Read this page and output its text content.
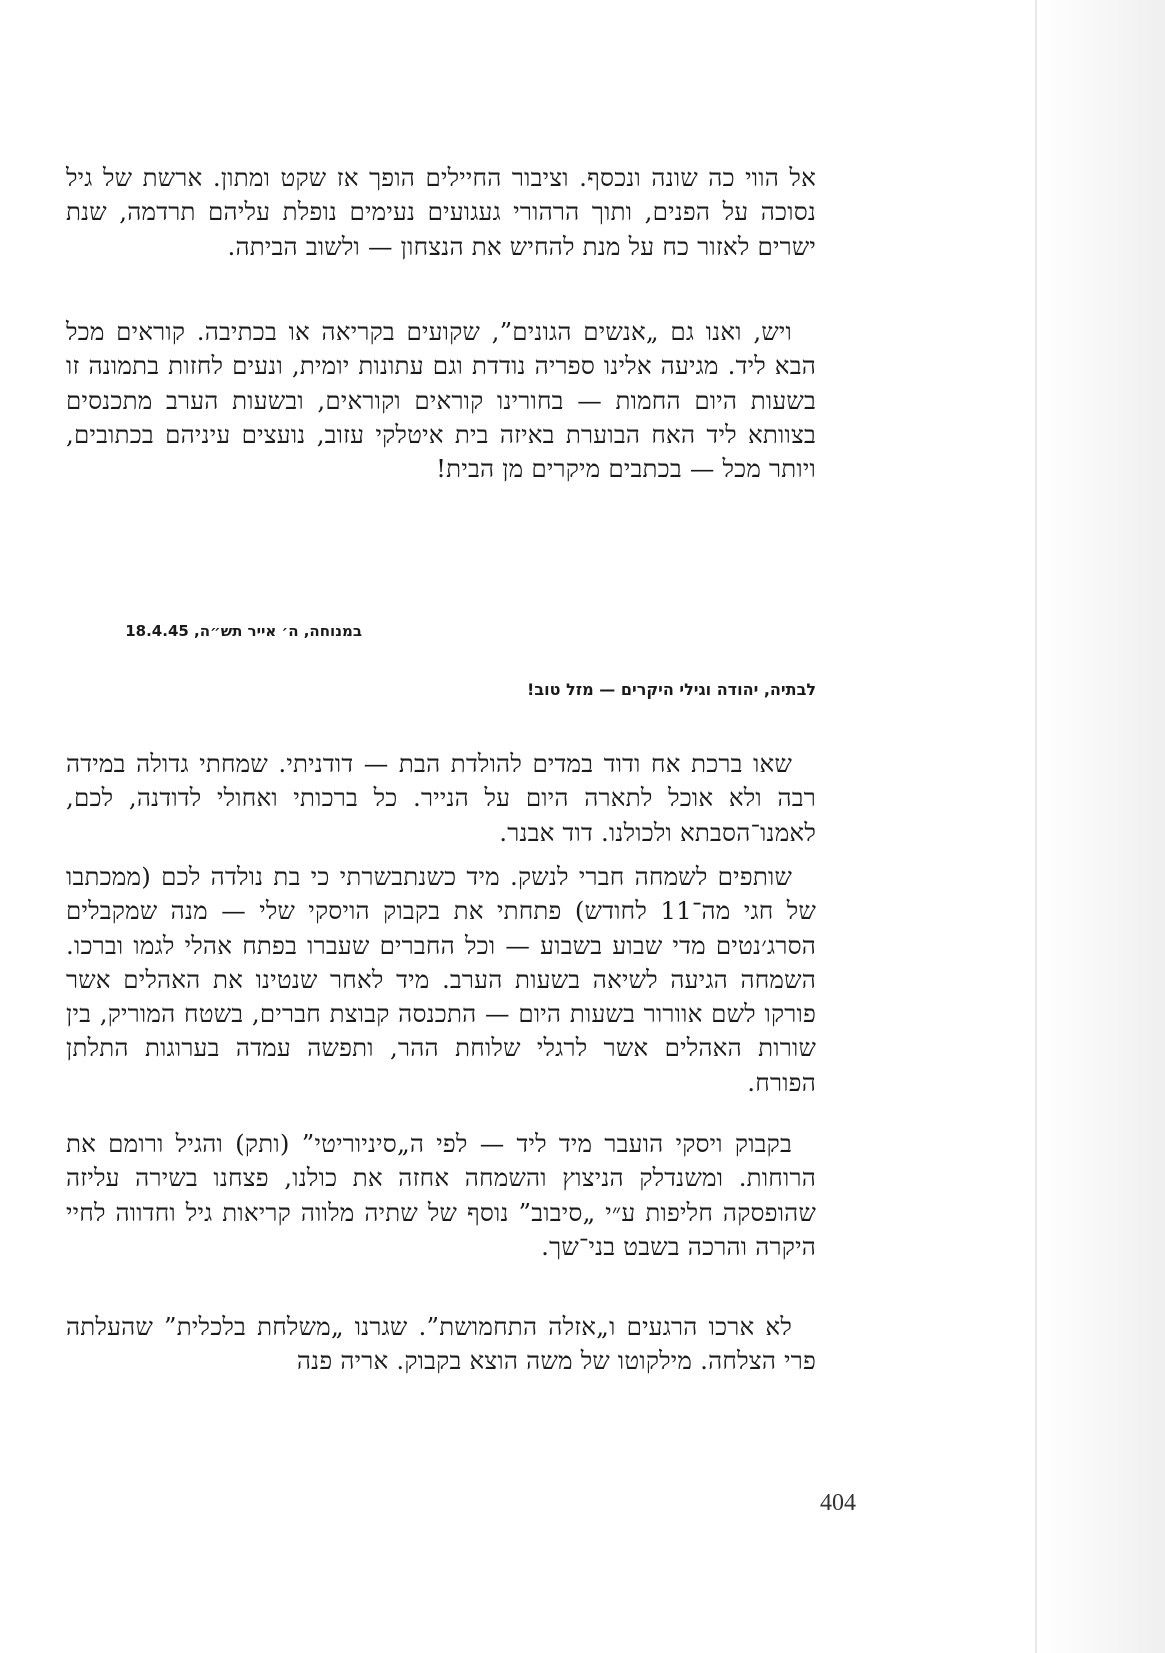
אל הווי כה שונה ונכסף. וציבור החיילים הופך אז שקט ומתון. ארשת של גיל נסוכה על הפנים, ותוך הרהורי געגועים נעימים נופלת עליהם תרדמה, שנת ישרים לאזור כח על מנת להחיש את הנצחון — ולשוב הביתה.

ויש, ואנו גם „אנשים הגונים”, שקועים בקריאה או בכתיבה. קוראים מכל הבא ליד. מגיעה אלינו ספריה נודדת וגם עתונות יומית, ונעים לחזות בתמונה זו בשעות היום החמות — בחורינו קוראים וקוראים, ובשעות הערב מתכנסים בצוותא ליד האח הבוערת באיזה בית איטלקי עזוב, נועצים עיניהם בכתובים, ויותר מכל — בכתבים מיקרים מן הבית!

במנוחה, ה׳ אייר תש״ה, 18.4.45

לבתיה, יהודה וגילי היקרים — מזל טוב!

שאו ברכת אח ודוד במדים להולדת הבת — דודניתי. שמחתי גדולה במידה רבה ולא אוכל לתארה היום על הנייר. כל ברכותי ואחולי לדודנה, לכם, לאמנו־הסבתא ולכולנו. דוד אבנר.

שותפים לשמחה חברי לנשק. מיד כשנתבשרתי כי בת נולדה לכם (ממכתבו של חגי מה־11 לחודש) פתחתי את בקבוק הויסקי שלי — מנה שמקבלים הסרג׳נטים מדי שבוע בשבוע — וכל החברים שעברו בפתח אהלי לגמו וברכו. השמחה הגיעה לשיאה בשעות הערב. מיד לאחר שנטינו את האהלים אשר פורקו לשם אוורור בשעות היום — התכנסה קבוצת חברים, בשטח המוריק, בין שורות האהלים אשר לרגלי שלוחת ההר, ותפשה עמדה בערוגות התלתן הפורח.

בקבוק ויסקי הועבר מיד ליד — לפי ה„סיניוריטי” (ותק) והגיל ורומם את הרוחות. ומשנדלק הניצוץ והשמחה אחזה את כולנו, פצחנו בשירה עליזה שהופסקה חליפות ע״י „סיבוב” נוסף של שתיה מלווה קריאות גיל וחדווה לחיי היקרה והרכה בשבט בני־שך.

לא ארכו הרגעים ו„אזלה התחמושת”. שגרנו „משלחת בלכלית” שהעלתה פרי הצלחה. מילקוטו של משה הוצא בקבוק. אריה פנה

404
